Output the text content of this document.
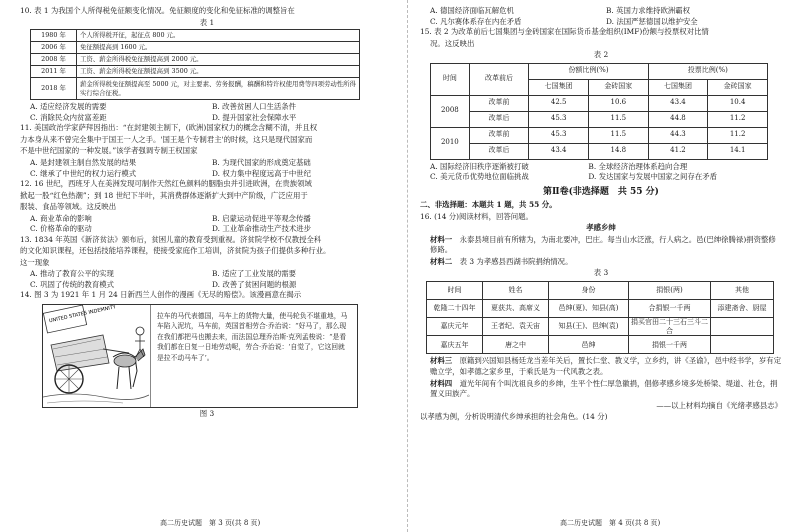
10. 表 1 为我国个人所得税免征额变化情况。免征额度的变化和免征标准的调整旨在
表 1
1980 年	个人所得税开征，起征点 800 元。
2006 年	免征额提高到 1600 元。
2008 年	工资、薪金所得税免征额提高到 2000 元。
2011 年	工资、薪金所得税免征额提高到 3500 元。
2018 年	薪金所得税免征额提高至 5000 元，对主要素、劳务报酬，稿酬和特许权使用费等四项劳动性所得实行综合征税。
A. 适应经济发展的需要	B. 改善贫困人口生活条件
C. 消除民众内贫富差距	D. 提升国家社会保障水平
11. 美国政治学家萨拜因指出：“在封建领主制下，(欧洲)国家权力的概念含糊不清，并且权
力本身从来不曾完全集中于国王一人之手。'国王是个专制君主'的时候，这只是现代国家而
不是中世纪国家的一种发展。”该学者强调专制王权国家
A. 是封建领主制自然发展的结果	B. 为现代国家的形成奠定基础
C. 继承了中世纪的权力运行模式	D. 权力集中程度远高于中世纪
12. 16 世纪，西班牙人在美洲发现可制作天然红色颜料的胭脂虫并引进欧洲，在贵族领域
掀起一股“红色热潮”；到 18 世纪下半叶，其消费群体逐渐扩大到中产阶级，广泛应用于
服装、食品等领域。这反映出
A. 商业革命的影响	B. 启蒙运动促进平等观念传播
C. 价格革命的驱动	D. 工业革命推动生产技术进步
13. 1834 年英国《新济贫法》颁布后，贫困儿童的教育受到重视。济贫院学校不仅教授全科
的文化知识课程，还包括技能培养课程，使接受家庭作工培训，济贫院为孩子们提供多种行业。
这一现象
A. 推动了教育公平的实现	B. 适应了工业发展的需要
C. 巩固了传统的教育模式	D. 改善了贫困问题的根源
14. 图 3 为 1921 年 1 月 24 日新西兰人创作的漫画《无尽的赔偿》。该漫画意在揭示
UNITED STATES INDEMNITY	拉车的马代表德国，马车上的货物大量，使马轮负不堪重地，马车陷入泥坑，马车前，英国首相劳合·乔治说：“好马了，那么现在我们都把马也搬去来，而法国总理乔治斯·克列孟梭说：“是看我们都在日复一日地劳动呢，劳合·乔治说：‘自觉了，它这回就是拉不动马车了’。
图 3
高二历史试题　第 3 页(共 8 页)
A. 德国经济面临瓦解危机	B. 英国力求维持欧洲霸权
C. 凡尔赛体系存在内在矛盾	D. 法国严惩德国以维护安全
15. 表 2 为改革前后七国集团与金砖国家在国际货币基金组织(IMF)份额与投票权对比情
况。这反映出
表 2
时间	改革前后	份额比例(%)		投票比例(%)	
		七国集团	金砖国家	七国集团	金砖国家
2008	改革前	42.5	10.6	43.4	10.4
	改革后	45.3	11.5	44.8	11.2
2010	改革前	45.3	11.5	44.3	11.2
	改革后	43.4	14.8	41.2	14.1
A. 国际经济旧秩序逐渐被打破	B. 全球经济治理体系趋向合理
C. 美元货币优势地位面临挑战	D. 发达国家与发展中国家之间存在矛盾
第Ⅱ卷(非选择题　共 55 分)
二、非选择题：本题共 1 题，共 55 分。
16. (14 分)阅读材料，回答问题。
孝感乡绅
材料一　 永泰县境目前有所辖为，为南北要冲，巴庄。每当山水泛涨，行人病之。邑(巴绅徐腾禄)捐资整修修路。
材料二　 表 3 为孝感县西湖书院捐纳情况。
表 3
时间	姓名	身份	捐银(两)	其他
乾隆二十四年	夏获共、高席义	邑绅(夏)、知县(高)	合捐银一千两	添建斋舍、厨屋
嘉庆元年	王者纪、袁天宙	知县(王)、邑绅(袁)	捐买官田二十三石三斗二合	
嘉庆五年	唐之中	邑绅	捐银一千两	
材料三　 原籍到兴国知县杨廷龙当差年关后，置长仁堂、教义学，立乡约，讲《圣谕》，邑中经书学，岁有定赡立学，如孝德之家乡里，于乘氏是为一代风教之表。
材料四　 道光年间有个叫沈祖良乡的乡绅，生平个性仁厚急徽捐，倡修孝感乡境多处桥梁、堤道、社仓，捐置义田族产。
——以上材料均摘自《光绪孝感县志》
以孝感为例，分析说明清代乡绅承担的社会角色。(14 分)
高二历史试题　第 4 页(共 8 页)
